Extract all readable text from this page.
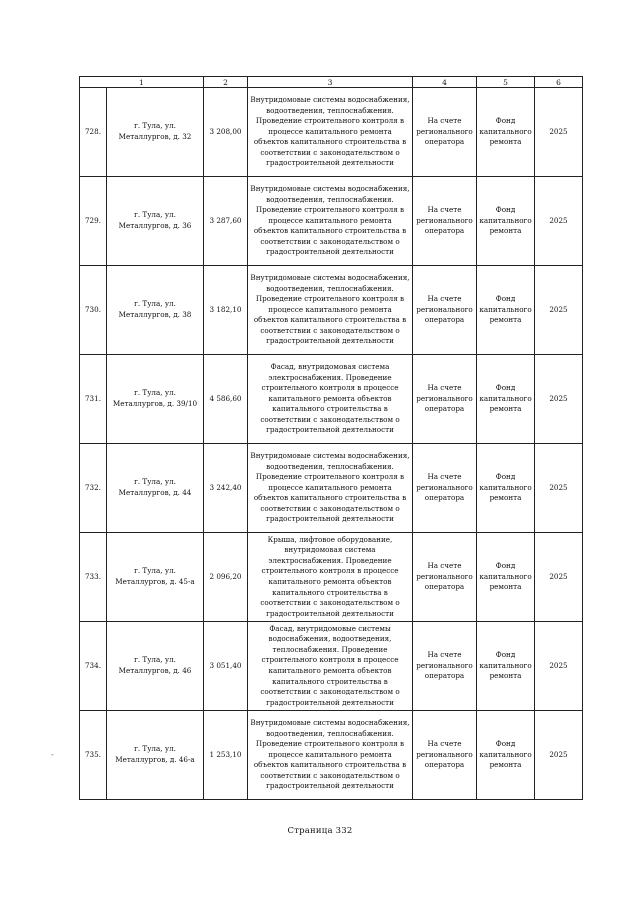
1		2	3	4	5	6
728.	г. Тула, ул. Металлургов, д. 32	3 208,00	Внутридомовые системы водоснабжения, водоотведения, теплоснабжения. Проведение строительного контроля в процессе капитального ремонта объектов капитального строительства в соответствии с законодательством о градостроительной деятельности	На счете регионального оператора	Фонд капитального ремонта	2025
729.	г. Тула, ул. Металлургов, д. 36	3 287,60	Внутридомовые системы водоснабжения, водоотведения, теплоснабжения. Проведение строительного контроля в процессе капитального ремонта объектов капитального строительства в соответствии с законодательством о градостроительной деятельности	На счете регионального оператора	Фонд капитального ремонта	2025
730.	г. Тула, ул. Металлургов, д. 38	3 182,10	Внутридомовые системы водоснабжения, водоотведения, теплоснабжения. Проведение строительного контроля в процессе капитального ремонта объектов капитального строительства в соответствии с законодательством о градостроительной деятельности	На счете регионального оператора	Фонд капитального ремонта	2025
731.	г. Тула, ул. Металлургов, д. 39/10	4 586,60	Фасад, внутридомовая система электроснабжения. Проведение строительного контроля в процессе капитального ремонта объектов капитального строительства в соответствии с законодательством о градостроительной деятельности	На счете регионального оператора	Фонд капитального ремонта	2025
732.	г. Тула, ул. Металлургов, д. 44	3 242,40	Внутридомовые системы водоснабжения, водоотведения, теплоснабжения. Проведение строительного контроля в процессе капитального ремонта объектов капитального строительства в соответствии с законодательством о градостроительной деятельности	На счете регионального оператора	Фонд капитального ремонта	2025
733.	г. Тула, ул. Металлургов, д. 45-а	2 096,20	Крыша, лифтовое оборудование, внутридомовая система электроснабжения. Проведение строительного контроля в процессе капитального ремонта объектов капитального строительства в соответствии с законодательством о градостроительной деятельности	На счете регионального оператора	Фонд капитального ремонта	2025
734.	г. Тула, ул. Металлургов, д. 46	3 051,40	Фасад, внутридомовые системы водоснабжения, водоотведения, теплоснабжения. Проведение строительного контроля в процессе капитального ремонта объектов капитального строительства в соответствии с законодательством о градостроительной деятельности	На счете регионального оператора	Фонд капитального ремонта	2025
735.	г. Тула, ул. Металлургов, д. 46-а	1 253,10	Внутридомовые системы водоснабжения, водоотведения, теплоснабжения. Проведение строительного контроля в процессе капитального ремонта объектов капитального строительства в соответствии с законодательством о градостроительной деятельности	На счете регионального оператора	Фонд капитального ремонта	2025
-
Страница 332
